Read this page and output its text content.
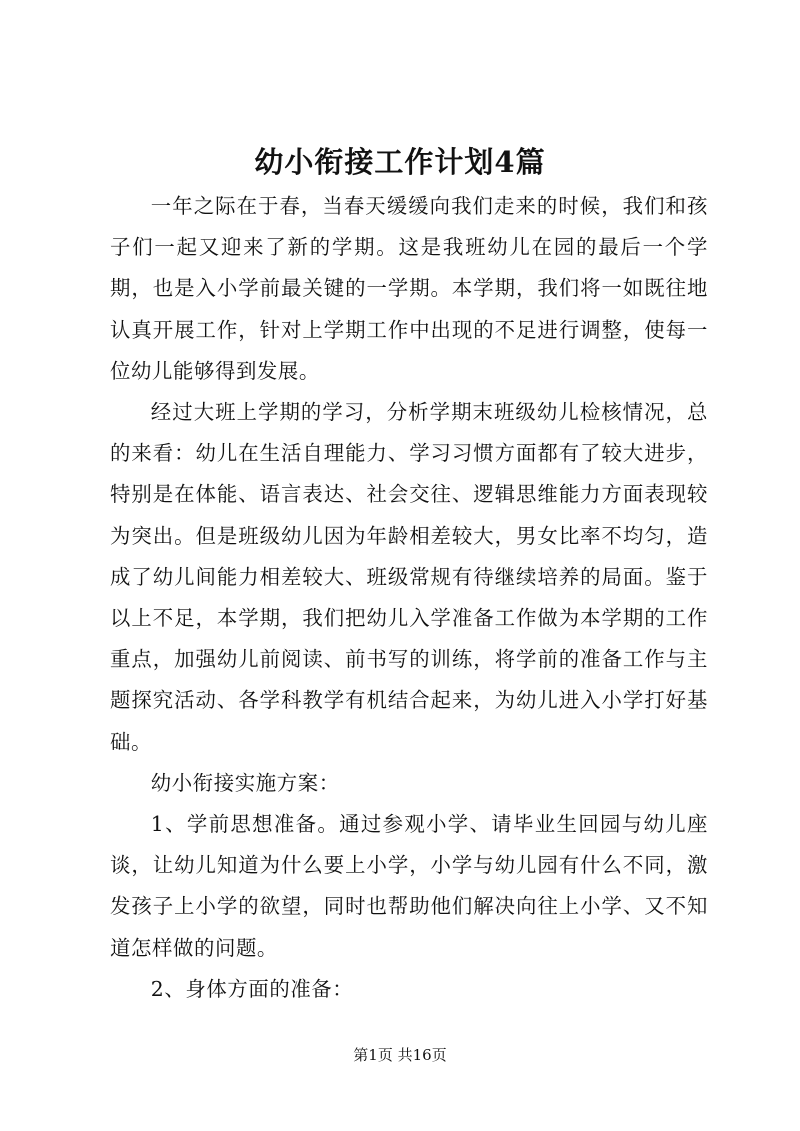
幼小衔接工作计划4篇

一年之际在于春，当春天缓缓向我们走来的时候，我们和孩子们一起又迎来了新的学期。这是我班幼儿在园的最后一个学期，也是入小学前最关键的一学期。本学期，我们将一如既往地认真开展工作，针对上学期工作中出现的不足进行调整，使每一位幼儿能够得到发展。

经过大班上学期的学习，分析学期末班级幼儿检核情况，总的来看：幼儿在生活自理能力、学习习惯方面都有了较大进步，特别是在体能、语言表达、社会交往、逻辑思维能力方面表现较为突出。但是班级幼儿因为年龄相差较大，男女比率不均匀，造成了幼儿间能力相差较大、班级常规有待继续培养的局面。鉴于以上不足，本学期，我们把幼儿入学准备工作做为本学期的工作重点，加强幼儿前阅读、前书写的训练，将学前的准备工作与主题探究活动、各学科教学有机结合起来，为幼儿进入小学打好基础。

幼小衔接实施方案：

1、学前思想准备。通过参观小学、请毕业生回园与幼儿座谈，让幼儿知道为什么要上小学，小学与幼儿园有什么不同，激发孩子上小学的欲望，同时也帮助他们解决向往上小学、又不知道怎样做的问题。

2、身体方面的准备：

第1页 共16页
